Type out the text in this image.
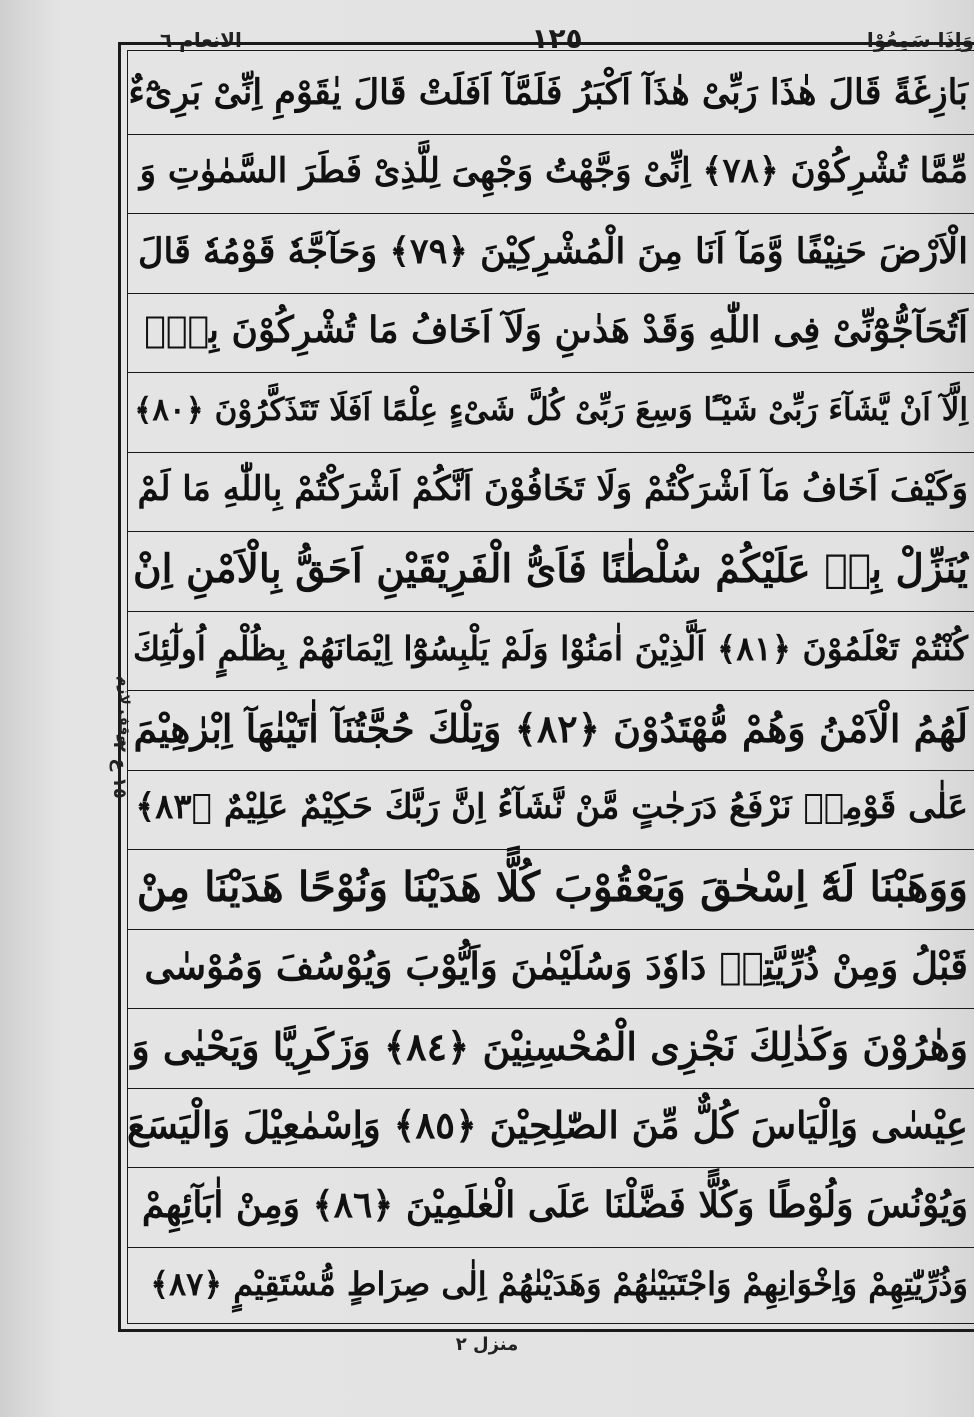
وَاِذَا سَمِعُوْا
١٢٥
الانعام ٦
بَازِغَةً قَالَ هٰذَا رَبِّىْ هٰذَآ اَكْبَرُ فَلَمَّآ اَفَلَتْ قَالَ يٰقَوْمِ اِنِّىْ بَرِىْٓءٌ
مِّمَّا تُشْرِكُوْنَ ﴿٧٨﴾ اِنِّىْ وَجَّهْتُ وَجْهِىَ لِلَّذِىْ فَطَرَ السَّمٰوٰتِ وَ
الْاَرْضَ حَنِيْفًا وَّمَآ اَنَا مِنَ الْمُشْرِكِيْنَ ﴿٧٩﴾ وَحَآجَّهٗ قَوْمُهٗ قَالَ
اَتُحَآجُّوْٓنِّىْ فِى اللّٰهِ وَقَدْ هَدٰىنِ وَلَآ اَخَافُ مَا تُشْرِكُوْنَ بِهٖٓ
اِلَّآ اَنْ يَّشَآءَ رَبِّىْ شَيْـًٔا وَسِعَ رَبِّىْ كُلَّ شَىْءٍ عِلْمًا اَفَلَا تَتَذَكَّرُوْنَ ﴿٨٠﴾
وَكَيْفَ اَخَافُ مَآ اَشْرَكْتُمْ وَلَا تَخَافُوْنَ اَنَّكُمْ اَشْرَكْتُمْ بِاللّٰهِ مَا لَمْ
يُنَزِّلْ بِهٖ عَلَيْكُمْ سُلْطٰنًا فَاَىُّ الْفَرِيْقَيْنِ اَحَقُّ بِالْاَمْنِ اِنْ
كُنْتُمْ تَعْلَمُوْنَ ﴿٨١﴾ اَلَّذِيْنَ اٰمَنُوْا وَلَمْ يَلْبِسُوْٓا اِيْمَانَهُمْ بِظُلْمٍ اُولٰٓئِكَ
لَهُمُ الْاَمْنُ وَهُمْ مُّهْتَدُوْنَ ﴿٨٢﴾ وَتِلْكَ حُجَّتُنَآ اٰتَيْنٰهَآ اِبْرٰهِيْمَ
عَلٰى قَوْمِهٖ نَرْفَعُ دَرَجٰتٍ مَّنْ نَّشَآءُ اِنَّ رَبَّكَ حَكِيْمٌ عَلِيْمٌ ﴿٨٣﴾
وَوَهَبْنَا لَهٗٓ اِسْحٰقَ وَيَعْقُوْبَ كُلًّا هَدَيْنَا وَنُوْحًا هَدَيْنَا مِنْ
قَبْلُ وَمِنْ ذُرِّيَّتِهٖ دَاوٗدَ وَسُلَيْمٰنَ وَاَيُّوْبَ وَيُوْسُفَ وَمُوْسٰى
وَهٰرُوْنَ وَكَذٰلِكَ نَجْزِى الْمُحْسِنِيْنَ ﴿٨٤﴾ وَزَكَرِيَّا وَيَحْيٰى وَ
عِيْسٰى وَاِلْيَاسَ كُلٌّ مِّنَ الصّٰلِحِيْنَ ﴿٨٥﴾ وَاِسْمٰعِيْلَ وَالْيَسَعَ
وَيُوْنُسَ وَلُوْطًا وَكُلًّا فَضَّلْنَا عَلَى الْعٰلَمِيْنَ ﴿٨٦﴾ وَمِنْ اٰبَآئِهِمْ
وَذُرِّيّٰتِهِمْ وَاِخْوَانِهِمْ وَاجْتَبَيْنٰهُمْ وَهَدَيْنٰهُمْ اِلٰى صِرَاطٍ مُّسْتَقِيْمٍ ﴿٨٧﴾
وقف لازم
١٥ ع ٢
منزل ٢
